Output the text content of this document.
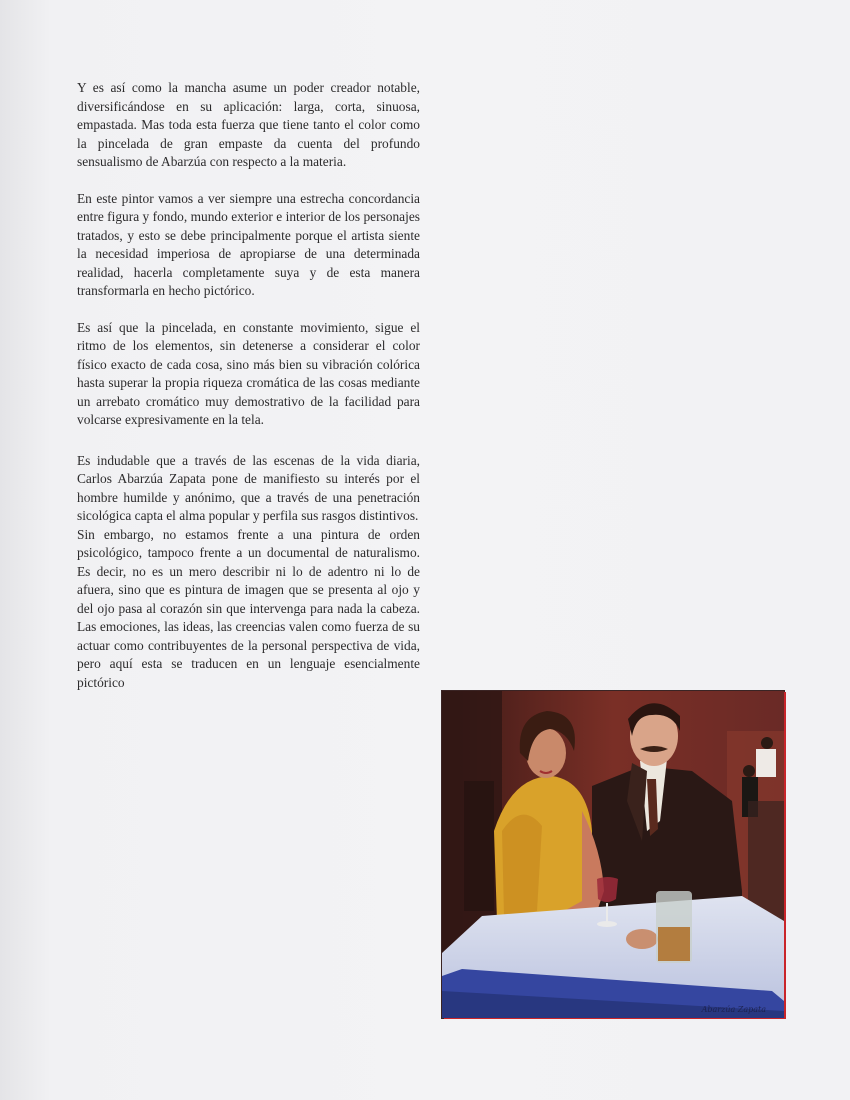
Y es así como la mancha asume un poder creador notable, diversificándose en su aplicación: larga, corta, sinuosa, empastada. Mas toda esta fuerza que tiene tanto el color como la pincelada de gran empaste da cuenta del profundo sensualismo de Abarzúa con respecto a la materia.

En este pintor vamos a ver siempre una estrecha concordancia entre figura y fondo, mundo exterior e interior de los personajes tratados, y esto se debe principalmente porque el artista siente la necesidad imperiosa de apropiarse de una determinada realidad, hacerla completamente suya y de esta manera transformarla en hecho pictórico.

Es así que la pincelada, en constante movimiento, sigue el ritmo de los elementos, sin detenerse a considerar el color físico exacto de cada cosa, sino más bien su vibración colórica hasta superar la propia riqueza cromática de las cosas mediante un arrebato cromático muy demostrativo de la facilidad para volcarse expresivamente en la tela.

Es indudable que a través de las escenas de la vida diaria, Carlos Abarzúa Zapata pone de manifiesto su interés por el hombre humilde y anónimo, que a través de una penetración sicológica capta el alma popular y perfila sus rasgos distintivos.

Sin embargo, no estamos frente a una pintura de orden psicológico, tampoco frente a un documental de naturalismo. Es decir, no es un mero describir ni lo de adentro ni lo de afuera, sino que es pintura de imagen que se presenta al ojo y del ojo pasa al corazón sin que intervenga para nada la cabeza. Las emociones, las ideas, las creencias valen como fuerza de su actuar como contribuyentes de la personal perspectiva de vida, pero aquí esta se traducen en un lenguaje esencialmente pictórico

Abarzúa Zapata
